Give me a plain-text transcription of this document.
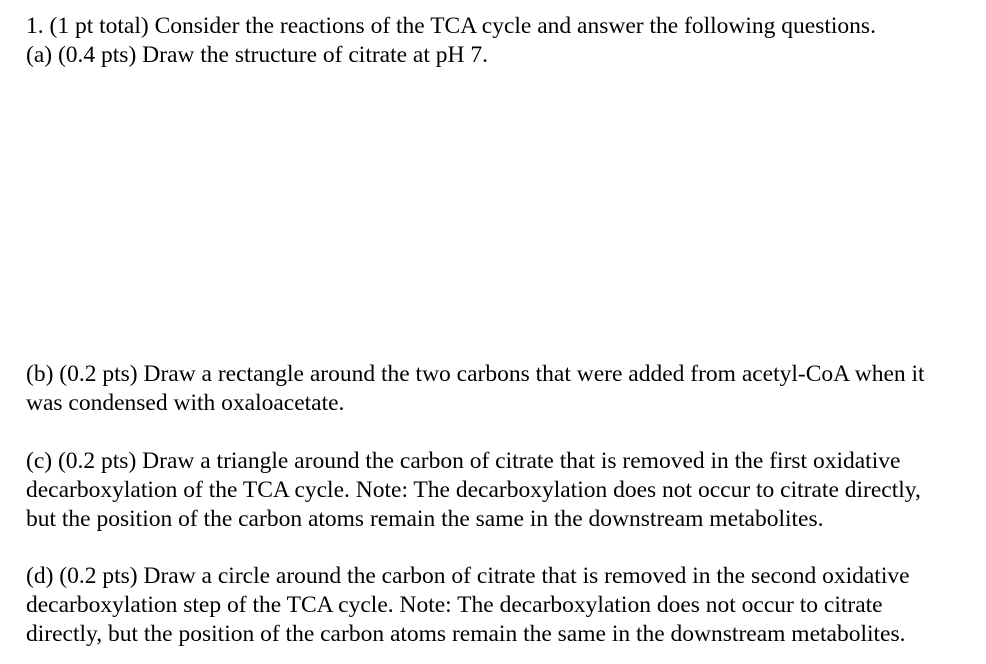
1. (1 pt total) Consider the reactions of the TCA cycle and answer the following questions.
(a) (0.4 pts) Draw the structure of citrate at pH 7.
(b) (0.2 pts) Draw a rectangle around the two carbons that were added from acetyl-CoA when it
was condensed with oxaloacetate.
(c) (0.2 pts) Draw a triangle around the carbon of citrate that is removed in the first oxidative
decarboxylation of the TCA cycle. Note: The decarboxylation does not occur to citrate directly,
but the position of the carbon atoms remain the same in the downstream metabolites.
(d) (0.2 pts) Draw a circle around the carbon of citrate that is removed in the second oxidative
decarboxylation step of the TCA cycle. Note: The decarboxylation does not occur to citrate
directly, but the position of the carbon atoms remain the same in the downstream metabolites.
